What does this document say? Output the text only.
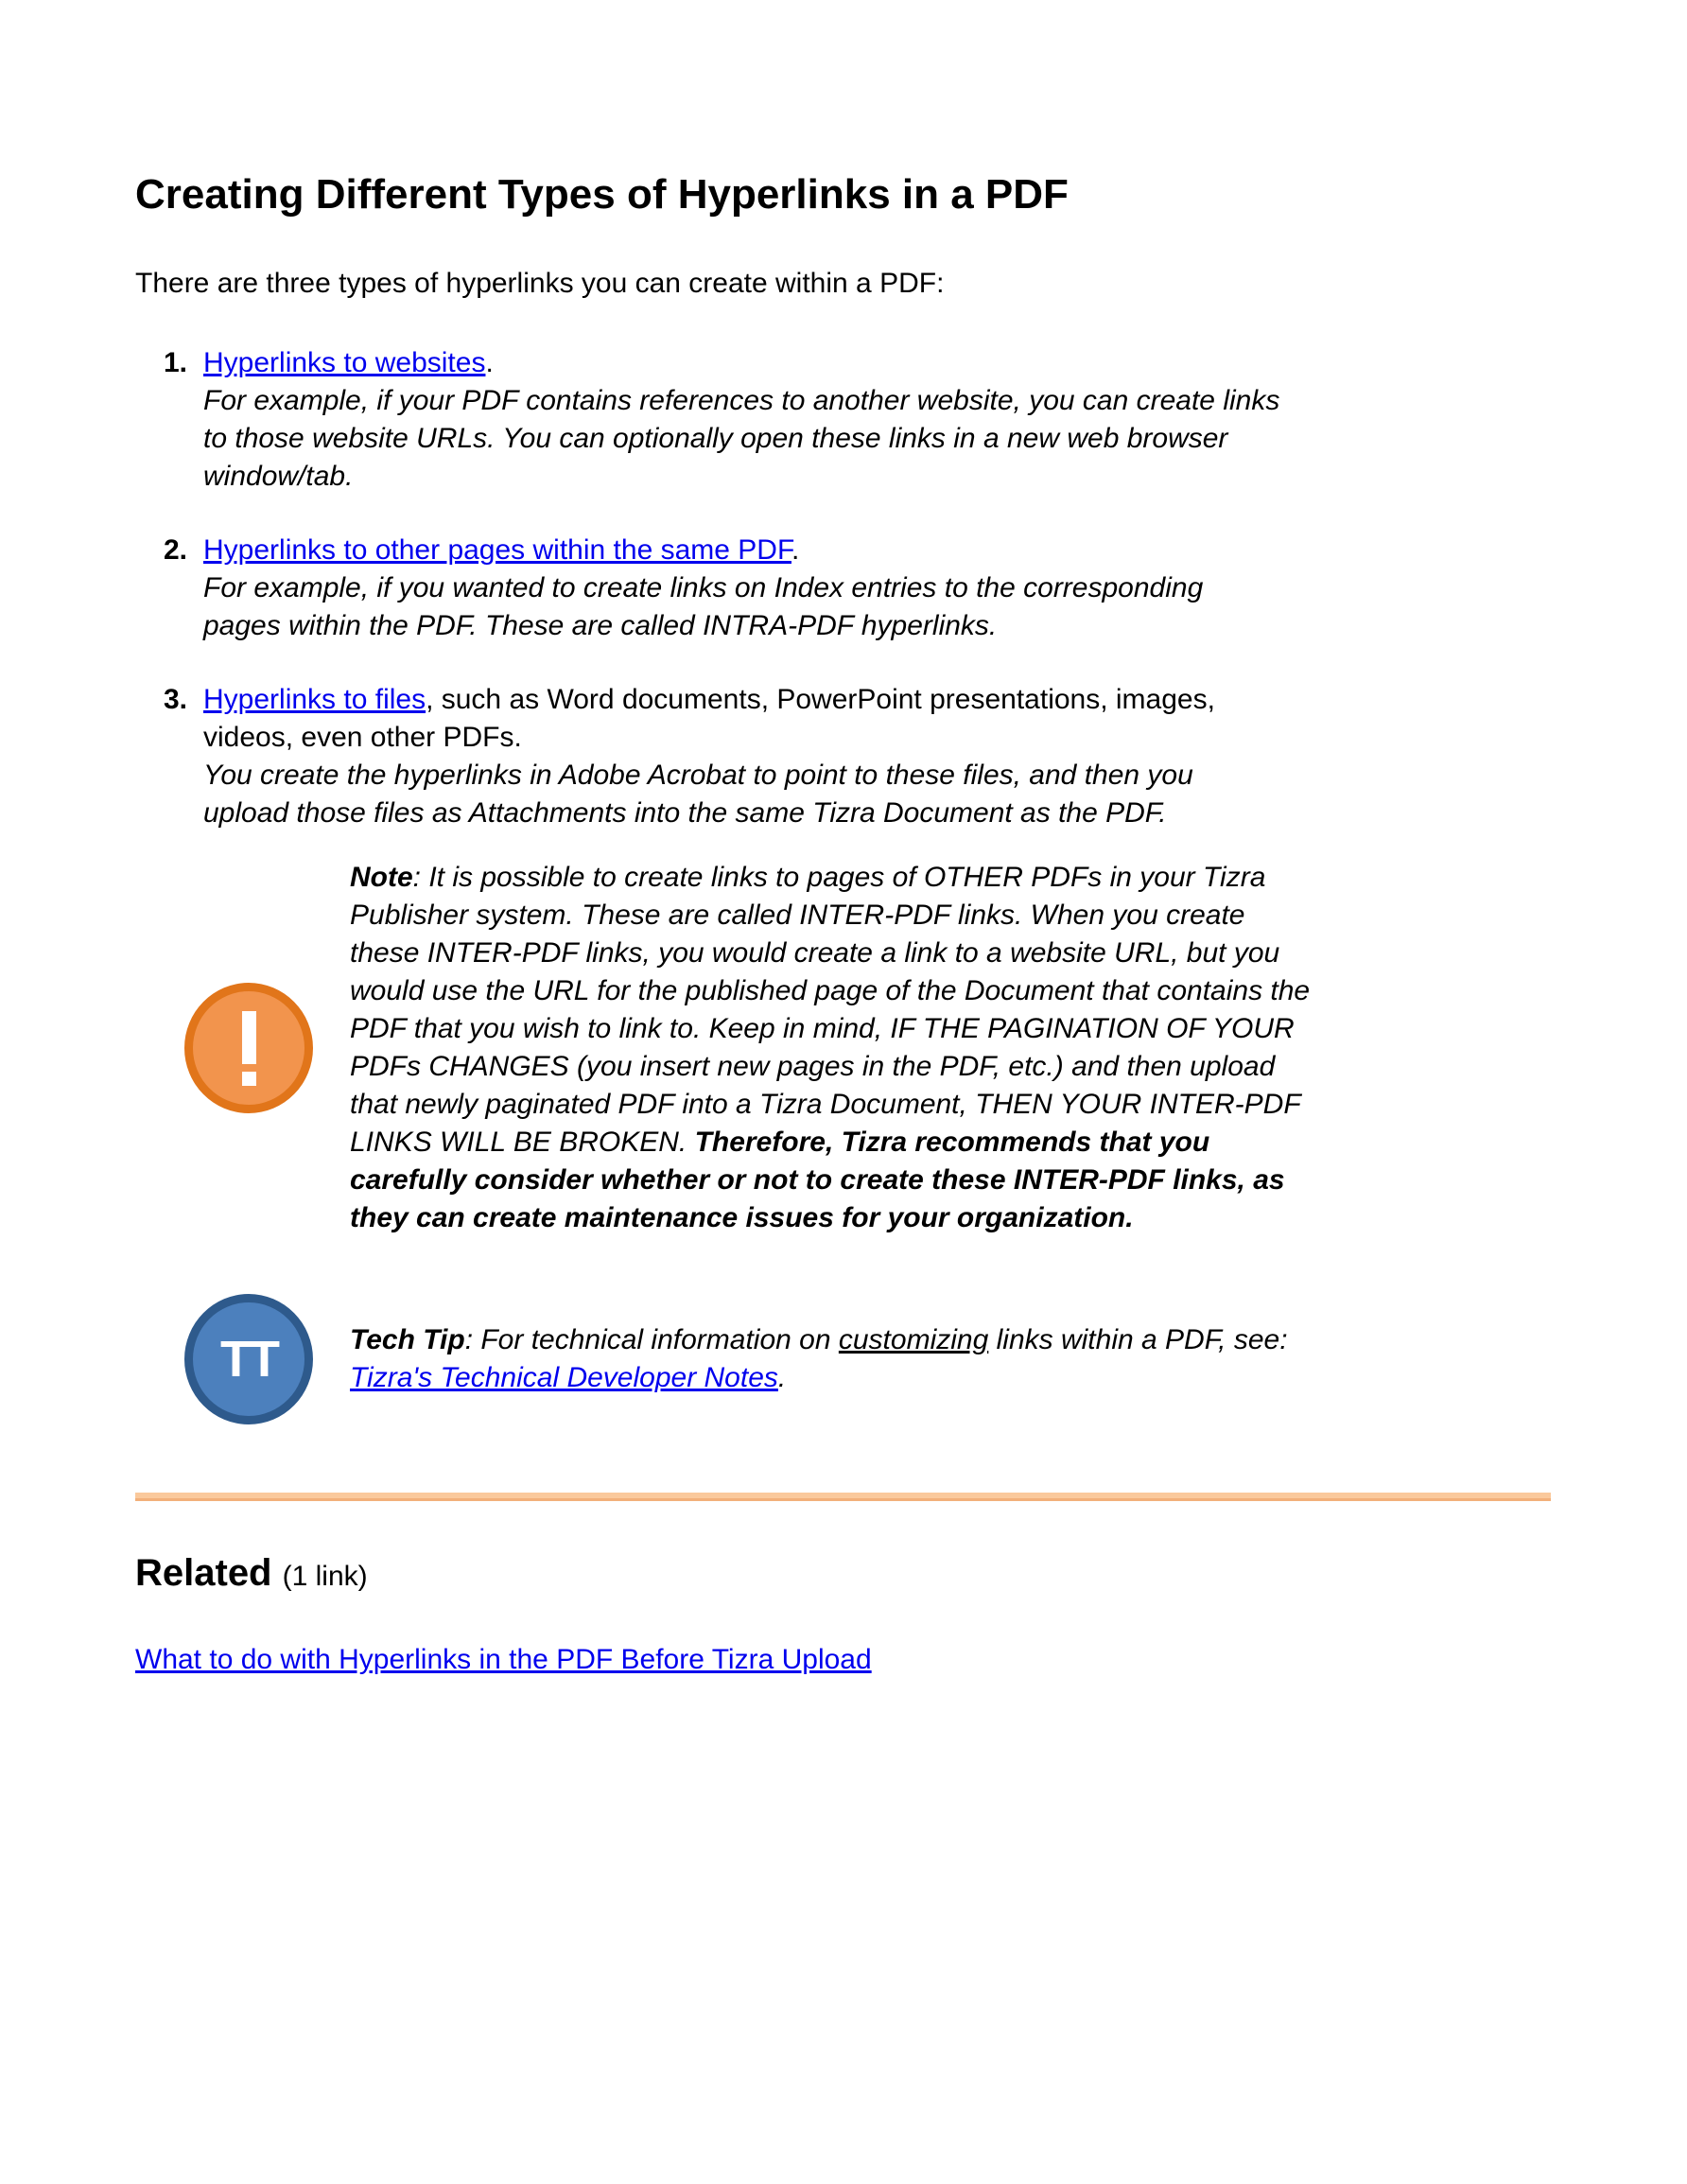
Creating Different Types of Hyperlinks in a PDF

There are three types of hyperlinks you can create within a PDF:

1. Hyperlinks to websites.

For example, if your PDF contains references to another website, you can create links to those website URLs. You can optionally open these links in a new web browser window/tab.

2. Hyperlinks to other pages within the same PDF.

For example, if you wanted to create links on Index entries to the corresponding pages within the PDF. These are called INTRA-PDF hyperlinks.

3. Hyperlinks to files, such as Word documents, PowerPoint presentations, images, videos, even other PDFs.

You create the hyperlinks in Adobe Acrobat to point to these files, and then you upload those files as Attachments into the same Tizra Document as the PDF.

Note: It is possible to create links to pages of OTHER PDFs in your Tizra Publisher system. These are called INTER-PDF links. When you create these INTER-PDF links, you would create a link to a website URL, but you would use the URL for the published page of the Document that contains the PDF that you wish to link to. Keep in mind, IF THE PAGINATION OF YOUR PDFs CHANGES (you insert new pages in the PDF, etc.) and then upload that newly paginated PDF into a Tizra Document, THEN YOUR INTER-PDF LINKS WILL BE BROKEN. Therefore, Tizra recommends that you carefully consider whether or not to create these INTER-PDF links, as they can create maintenance issues for your organization.

TT	Tech Tip: For technical information on customizing links within a PDF, see: Tizra's Technical Developer Notes.

Related (1 link)

What to do with Hyperlinks in the PDF Before Tizra Upload
